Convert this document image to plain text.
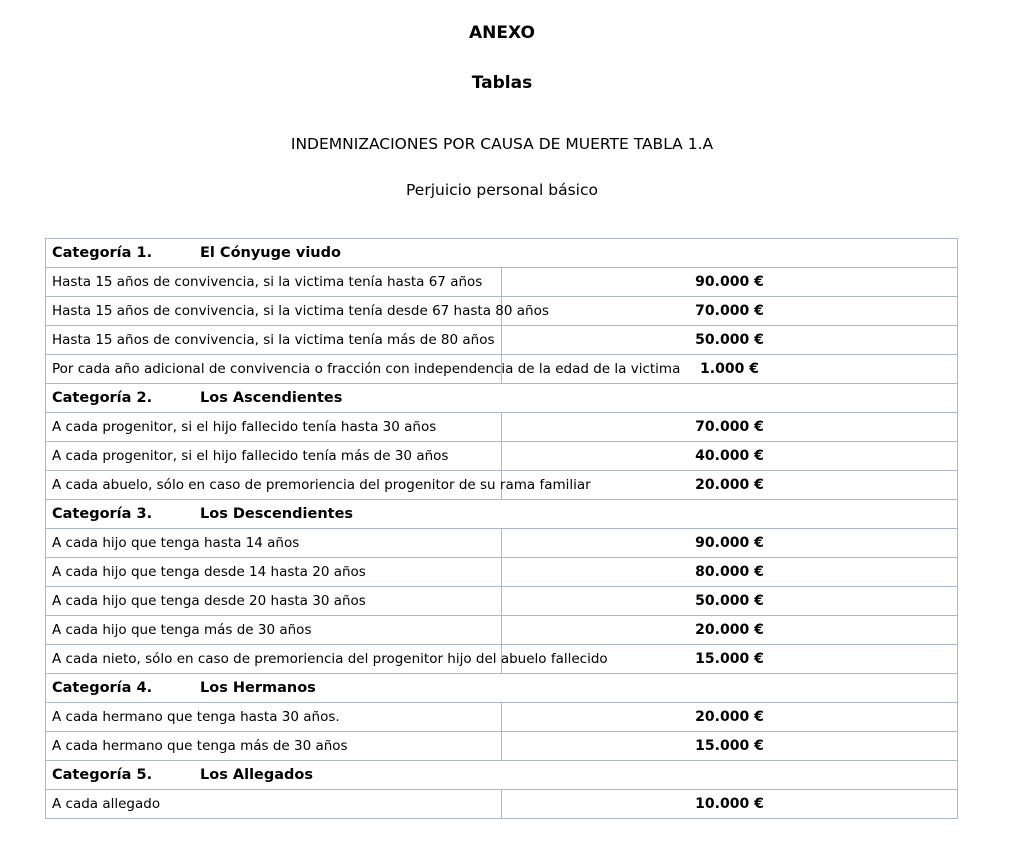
ANEXO
Tablas
INDEMNIZACIONES POR CAUSA DE MUERTE TABLA 1.A
Perjuicio personal básico
Categoría 1. El Cónyuge viudo	
Hasta 15 años de convivencia, si la victima tenía hasta 67 años	90.000 €
Hasta 15 años de convivencia, si la victima tenía desde 67 hasta 80 años	70.000 €
Hasta 15 años de convivencia, si la victima tenía más de 80 años	50.000 €
Por cada año adicional de convivencia o fracción con independencia de la edad de la victima	1.000 €
Categoría 2. Los Ascendientes	
A cada progenitor, si el hijo fallecido tenía hasta 30 años	70.000 €
A cada progenitor, si el hijo fallecido tenía más de 30 años	40.000 €
A cada abuelo, sólo en caso de premoriencia del progenitor de su rama familiar	20.000 €
Categoría 3. Los Descendientes	
A cada hijo que tenga hasta 14 años	90.000 €
A cada hijo que tenga desde 14 hasta 20 años	80.000 €
A cada hijo que tenga desde 20 hasta 30 años	50.000 €
A cada hijo que tenga más de 30 años	20.000 €
A cada nieto, sólo en caso de premoriencia del progenitor hijo del abuelo fallecido	15.000 €
Categoría 4. Los Hermanos	
A cada hermano que tenga hasta 30 años.	20.000 €
A cada hermano que tenga más de 30 años	15.000 €
Categoría 5. Los Allegados	
A cada allegado	10.000 €
